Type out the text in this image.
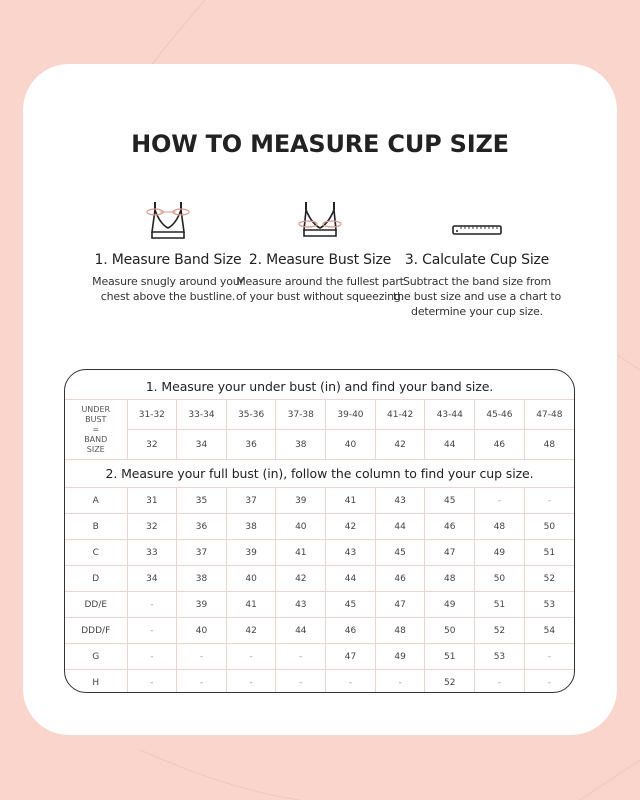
HOW TO MEASURE CUP SIZE
1. Measure Band Size
Measure snugly around your chest above the bustline.
2. Measure Bust Size
Measure around the fullest part of your bust without squeezing.
3. Calculate Cup Size
Subtract the band size from the bust size and use a chart to determine your cup size.
1. Measure your under bust (in) and find your band size.
UNDER
BUST
=
BAND
SIZE	31-32	33-34	35-36	37-38	39-40	41-42	43-44	45-46	47-48
	32	34	36	38	40	42	44	46	48
2. Measure your full bust (in), follow the column to find your cup size.
A	31	35	37	39	41	43	45	-	-
B	32	36	38	40	42	44	46	48	50
C	33	37	39	41	43	45	47	49	51
D	34	38	40	42	44	46	48	50	52
DD/E	-	39	41	43	45	47	49	51	53
DDD/F	-	40	42	44	46	48	50	52	54
G	-	-	-	-	47	49	51	53	-
H	-	-	-	-	-	-	52	-	-
